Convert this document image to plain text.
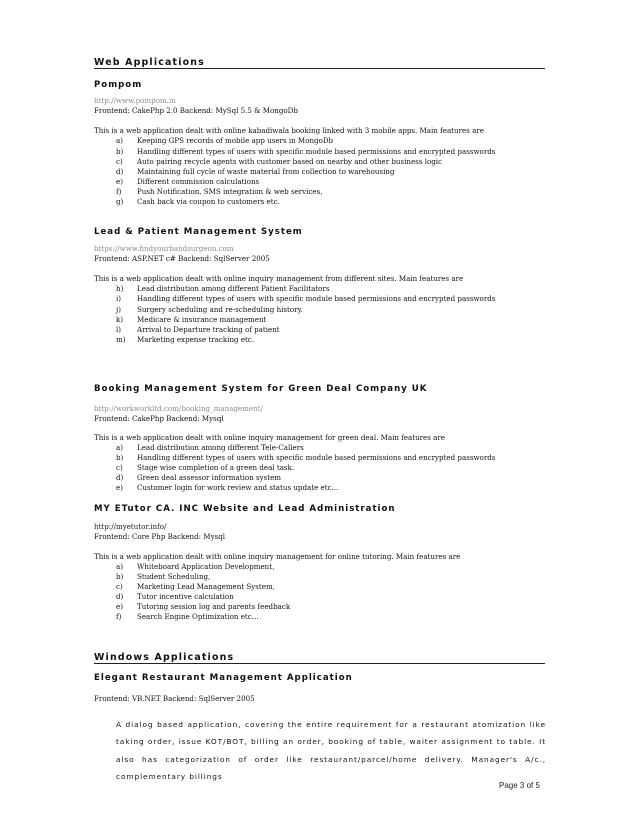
Web Applications
Pompom
http://www.pompom.in
Frontend: CakePhp 2.0 Backend: MySql 5.5 & MongoDb
This is a web application dealt with online kabadiwala booking linked with 3 mobile apps. Main features are
a) Keeping GPS records of mobile app users in MongoDb
b) Handling different types of users with specific module based permissions and encrypted passwords
c) Auto pairing recycle agents with customer based on nearby and other business logic
d) Maintaining full cycle of waste material from collection to warehousing
e) Different commission calculations
f) Push Notification, SMS integration & web services,
g) Cash back via coupon to customers etc.
Lead & Patient Management System
https://www.findyourbandsurgeon.com
Frontend: ASP.NET c# Backend: SqlServer 2005
This is a web application dealt with online inquiry management from different sites. Main features are
h) Lead distribution among different Patient Facilitators
i) Handling different types of users with specific module based permissions and encrypted passwords
j) Surgery scheduling and re-scheduling history.
k) Medicare & insurance management
l) Arrival to Departure tracking of patient
m) Marketing expense tracking etc.
Booking Management System for Green Deal Company UK
http://workworkltd.com/booking_management/
Frontend: CakePhp Backend: Mysql
This is a web application dealt with online inquiry management for green deal. Main features are
a) Lead distribution among different Tele-Callers
b) Handling different types of users with specific module based permissions and encrypted passwords
c) Stage wise completion of a green deal task.
d) Green deal assessor information system
e) Customer login for work review and status update etc...
MY ETutor CA. INC Website and Lead Administration
http://myetutor.info/
Frontend: Core Php Backend: Mysql
This is a web application dealt with online inquiry management for online tutoring. Main features are
a) Whiteboard Application Development,
b) Student Scheduling,
c) Marketing Lead Management System,
d) Tutor incentive calculation
e) Tutoring session log and parents feedback
f) Search Engine Optimization etc...
Windows Applications
Elegant Restaurant Management Application
Frontend: VB.NET Backend: SqlServer 2005
A dialog based application, covering the entire requirement for a restaurant atomization like taking order, issue KOT/BOT, billing an order, booking of table, waiter assignment to table. It also has categorization of order like restaurant/parcel/home delivery. Manager's A/c., complementary billings
Page 3 of 5
